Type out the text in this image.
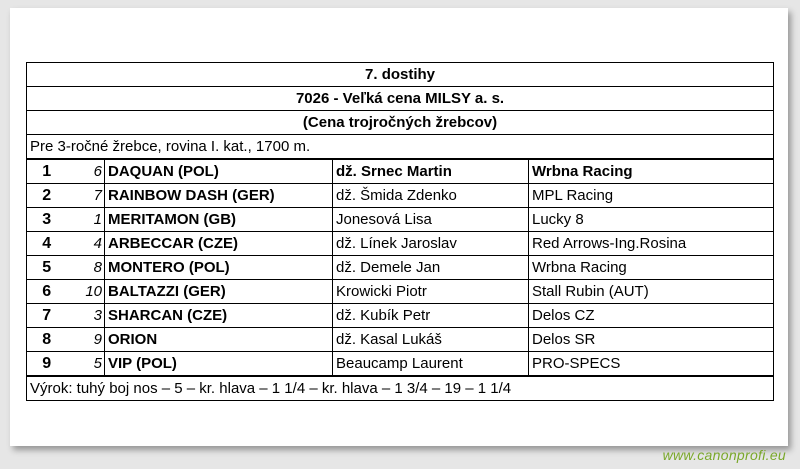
7. dostihy				
7026 - Veľká cena MILSY a. s.				
(Cena trojročných žrebcov)				
Pre 3-ročné žrebce, rovina I. kat., 1700 m.				
1	6	DAQUAN (POL)	dž. Srnec Martin	Wrbna Racing
2	7	RAINBOW DASH (GER)	dž. Šmida Zdenko	MPL Racing
3	1	MERITAMON (GB)	Jonesová Lisa	Lucky 8
4	4	ARBECCAR (CZE)	dž. Línek Jaroslav	Red Arrows-Ing.Rosina
5	8	MONTERO (POL)	dž. Demele Jan	Wrbna Racing
6	10	BALTAZZI (GER)	Krowicki Piotr	Stall Rubin (AUT)
7	3	SHARCAN (CZE)	dž. Kubík Petr	Delos CZ
8	9	ORION	dž. Kasal Lukáš	Delos SR
9	5	VIP (POL)	Beaucamp Laurent	PRO-SPECS
Výrok: tuhý boj nos – 5 – kr. hlava – 1 1/4 – kr. hlava – 1 3/4 – 19 – 1 1/4				
www.canonprofi.eu
